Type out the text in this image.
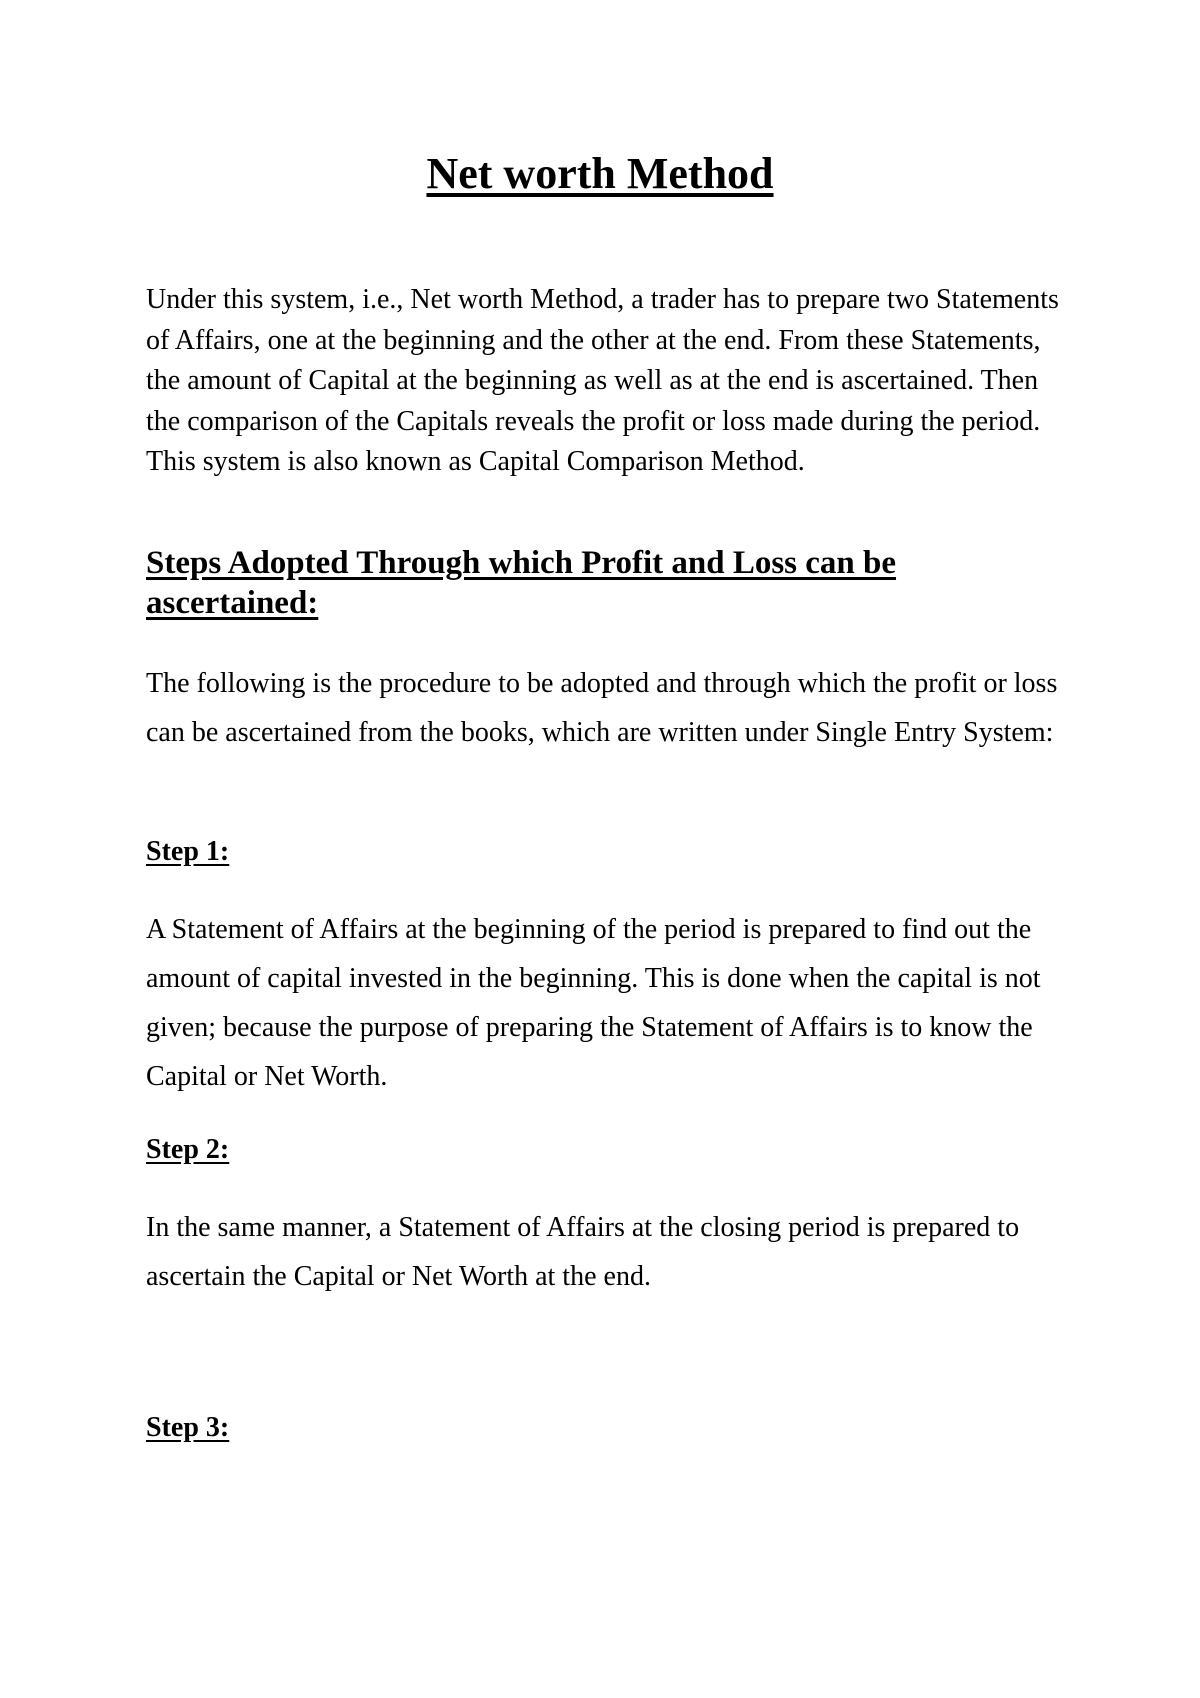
Net worth Method

Under this system, i.e., Net worth Method, a trader has to prepare two Statements of Affairs, one at the beginning and the other at the end. From these Statements, the amount of Capital at the beginning as well as at the end is ascertained. Then the comparison of the Capitals reveals the profit or loss made during the period. This system is also known as Capital Comparison Method.

Steps Adopted Through which Profit and Loss can be ascertained:

The following is the procedure to be adopted and through which the profit or loss can be ascertained from the books, which are written under Single Entry System:

Step 1:

A Statement of Affairs at the beginning of the period is prepared to find out the amount of capital invested in the beginning. This is done when the capital is not given; because the purpose of preparing the Statement of Affairs is to know the Capital or Net Worth.

Step 2:

In the same manner, a Statement of Affairs at the closing period is prepared to ascertain the Capital or Net Worth at the end.

Step 3:
